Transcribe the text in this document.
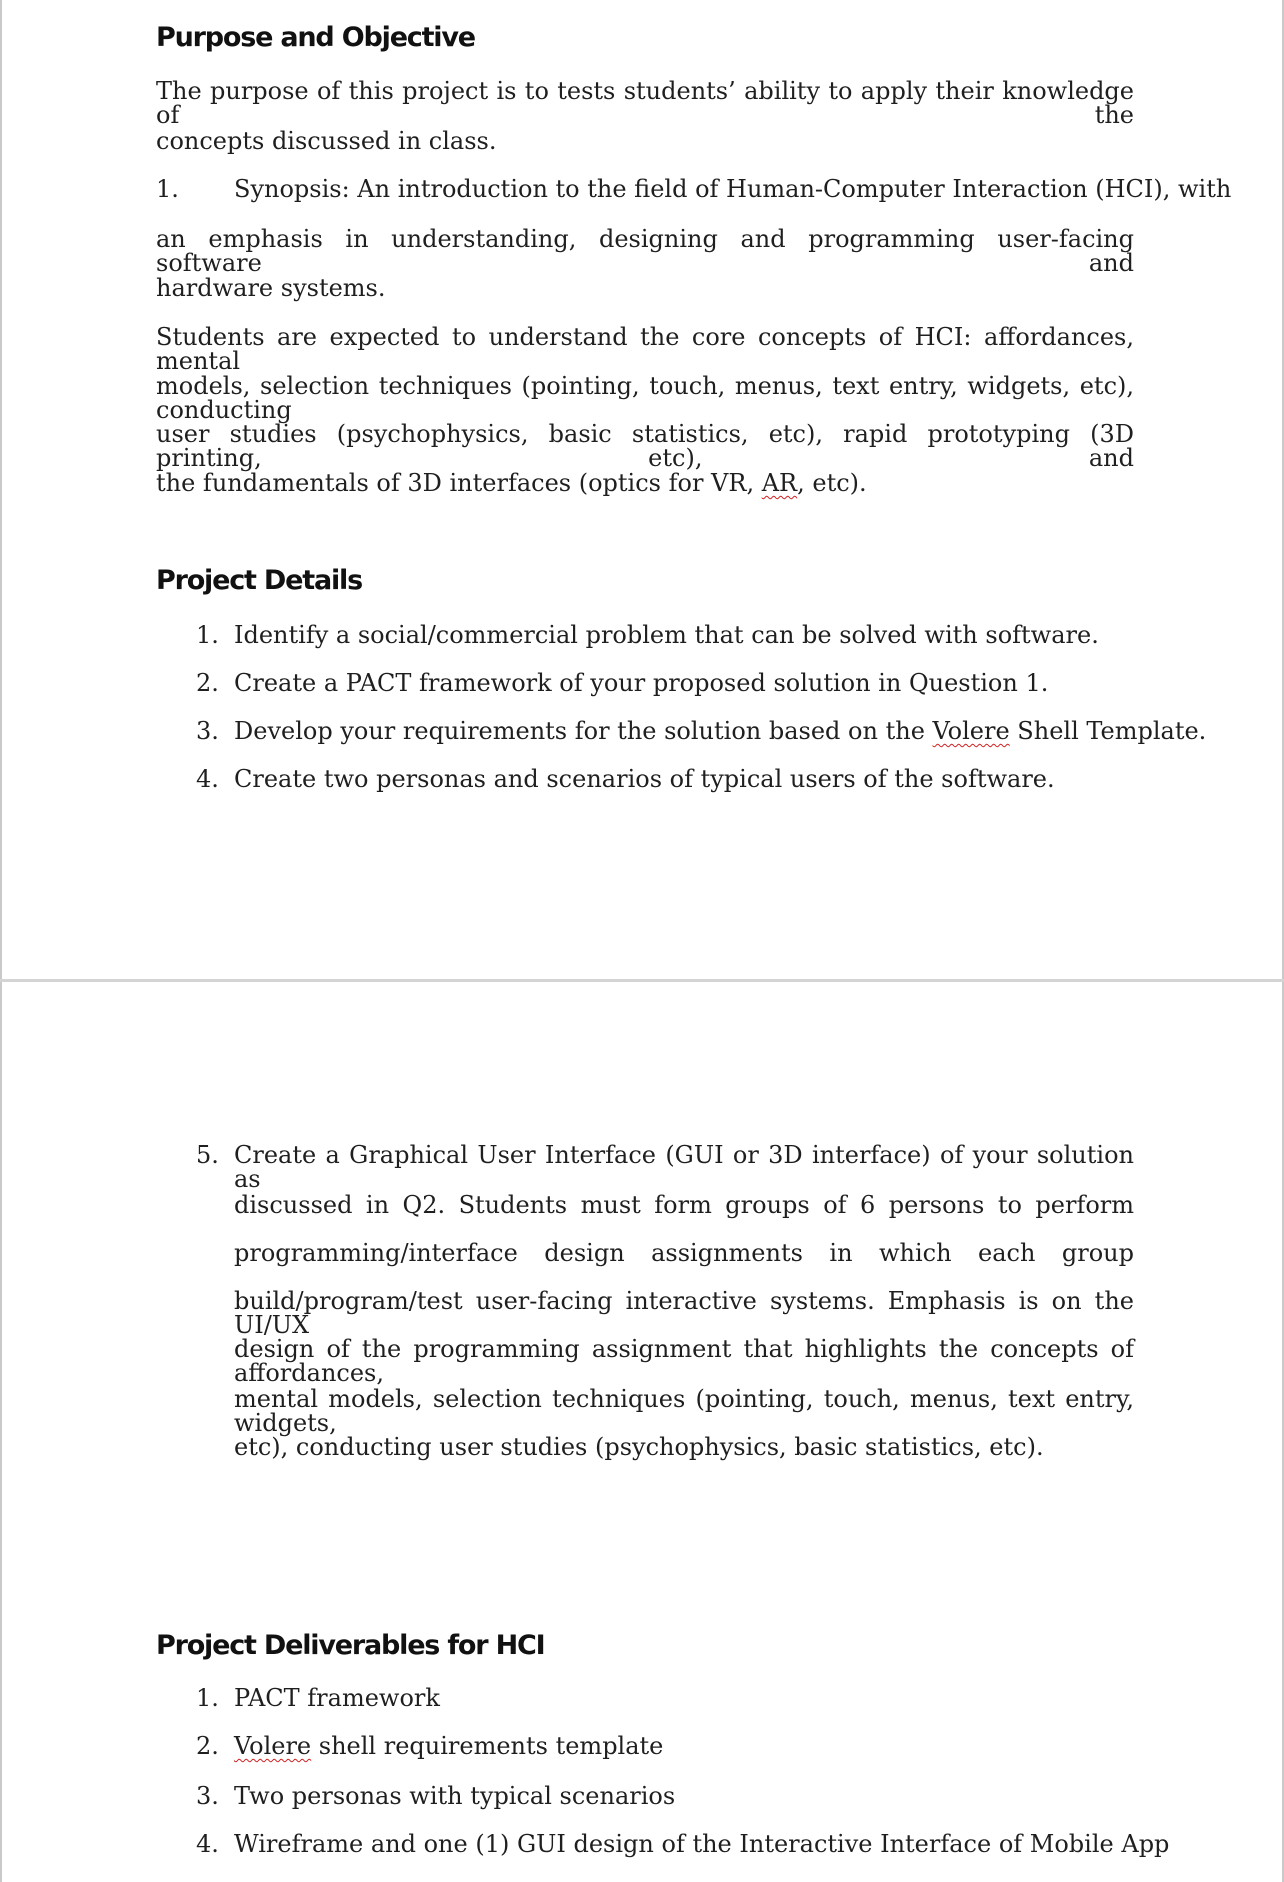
Purpose and Objective
The purpose of this project is to tests students’ ability to apply their knowledge of the
concepts discussed in class.
1. Synopsis: An introduction to the field of Human-Computer Interaction (HCI), with
an emphasis in understanding, designing and programming user-facing software and
hardware systems.
Students are expected to understand the core concepts of HCI: affordances, mental
models, selection techniques (pointing, touch, menus, text entry, widgets, etc), conducting
user studies (psychophysics, basic statistics, etc), rapid prototyping (3D printing, etc), and
the fundamentals of 3D interfaces (optics for VR, AR, etc).
Project Details
1. Identify a social/commercial problem that can be solved with software.
2. Create a PACT framework of your proposed solution in Question 1.
3. Develop your requirements for the solution based on the Volere Shell Template.
4. Create two personas and scenarios of typical users of the software.
5. Create a Graphical User Interface (GUI or 3D interface) of your solution as
discussed in Q2. Students must form groups of 6 persons to perform
programming/interface design assignments in which each group
build/program/test user-facing interactive systems. Emphasis is on the UI/UX
design of the programming assignment that highlights the concepts of affordances,
mental models, selection techniques (pointing, touch, menus, text entry, widgets,
etc), conducting user studies (psychophysics, basic statistics, etc).
Project Deliverables for HCI
1. PACT framework
2. Volere shell requirements template
3. Two personas with typical scenarios
4. Wireframe and one (1) GUI design of the Interactive Interface of Mobile App
